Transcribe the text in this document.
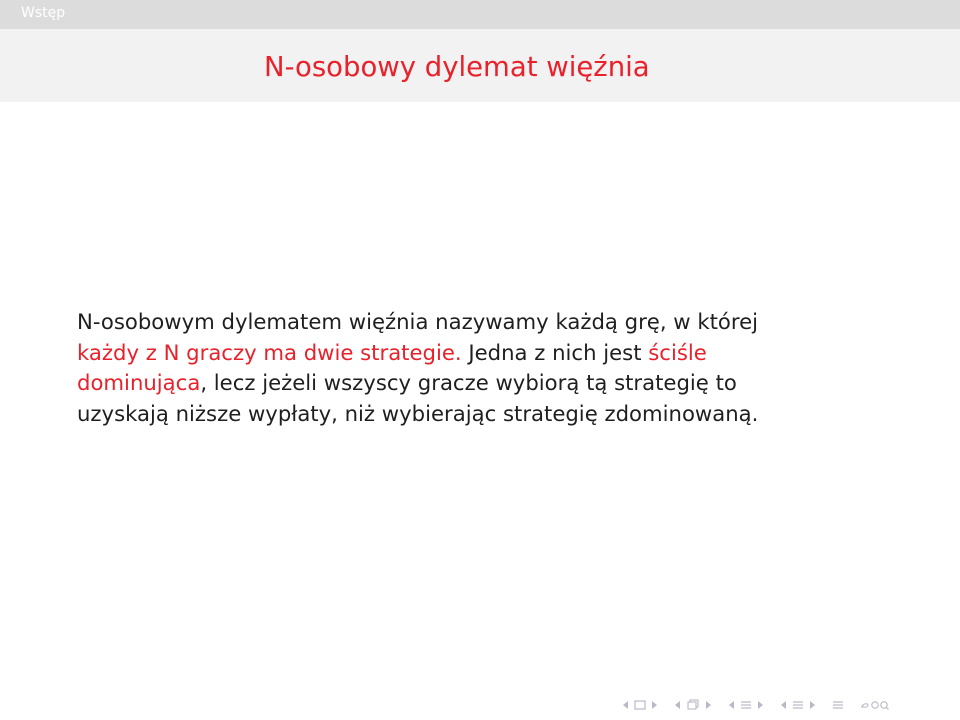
Wstęp
N-osobowy dylemat więźnia
N-osobowym dylematem więźnia nazywamy każdą grę, w której
każdy z N graczy ma dwie strategie. Jedna z nich jest ściśle
dominująca, lecz jeżeli wszyscy gracze wybiorą tą strategię to
uzyskają niższe wypłaty, niż wybierając strategię zdominowaną.
